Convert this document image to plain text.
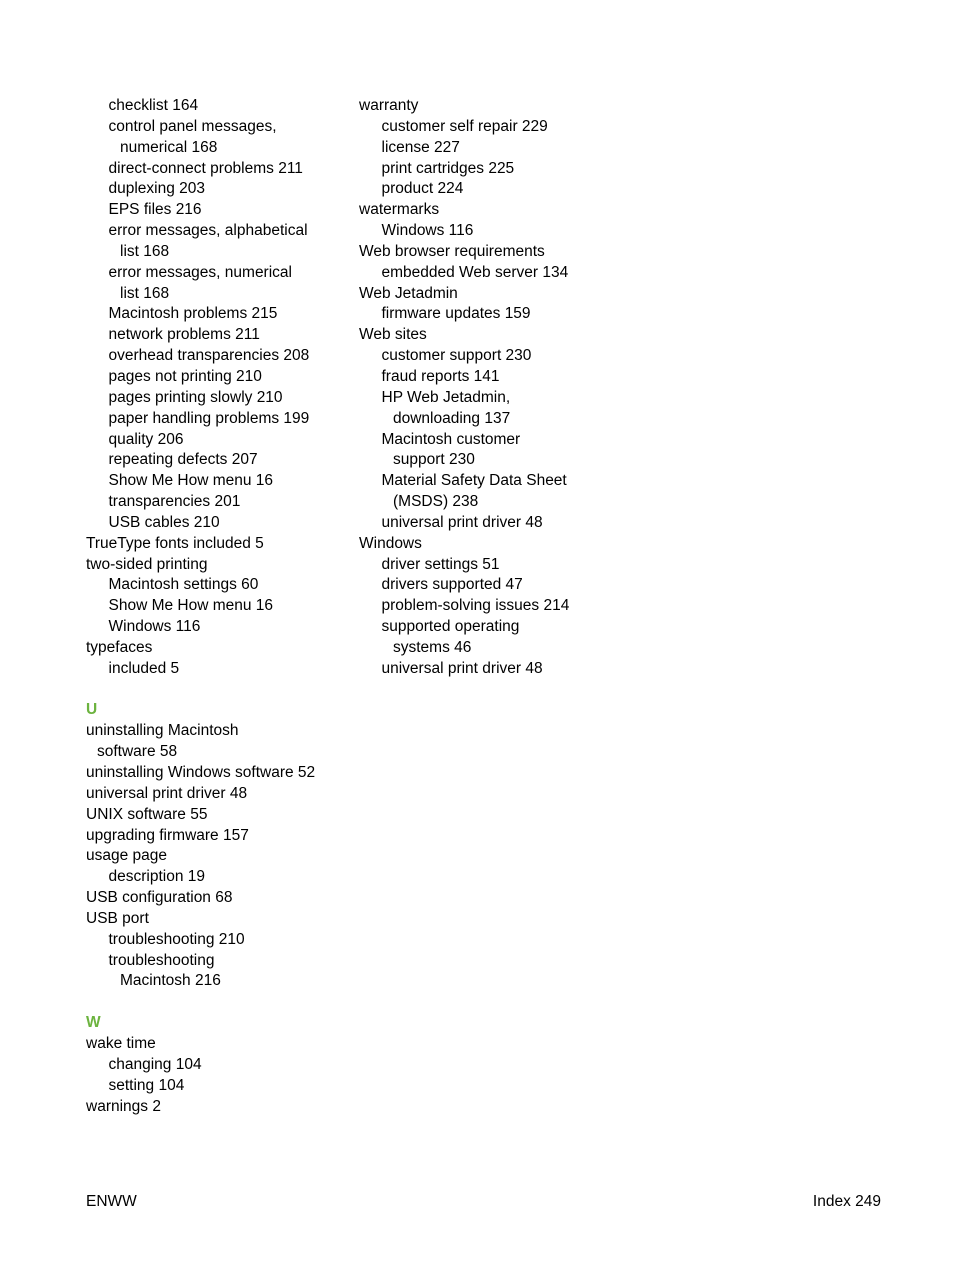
checklist 164
control panel messages,
numerical 168
direct-connect problems 211
duplexing 203
EPS files 216
error messages, alphabetical
list 168
error messages, numerical
list 168
Macintosh problems 215
network problems 211
overhead transparencies 208
pages not printing 210
pages printing slowly 210
paper handling problems 199
quality 206
repeating defects 207
Show Me How menu 16
transparencies 201
USB cables 210
TrueType fonts included 5
two-sided printing
Macintosh settings 60
Show Me How menu 16
Windows 116
typefaces
included 5
U
uninstalling Macintosh
software 58
uninstalling Windows software 52
universal print driver 48
UNIX software 55
upgrading firmware 157
usage page
description 19
USB configuration 68
USB port
troubleshooting 210
troubleshooting
Macintosh 216
W
wake time
changing 104
setting 104
warnings 2
warranty
customer self repair 229
license 227
print cartridges 225
product 224
watermarks
Windows 116
Web browser requirements
embedded Web server 134
Web Jetadmin
firmware updates 159
Web sites
customer support 230
fraud reports 141
HP Web Jetadmin,
downloading 137
Macintosh customer
support 230
Material Safety Data Sheet
(MSDS) 238
universal print driver 48
Windows
driver settings 51
drivers supported 47
problem-solving issues 214
supported operating
systems 46
universal print driver 48
ENWW	Index 249
